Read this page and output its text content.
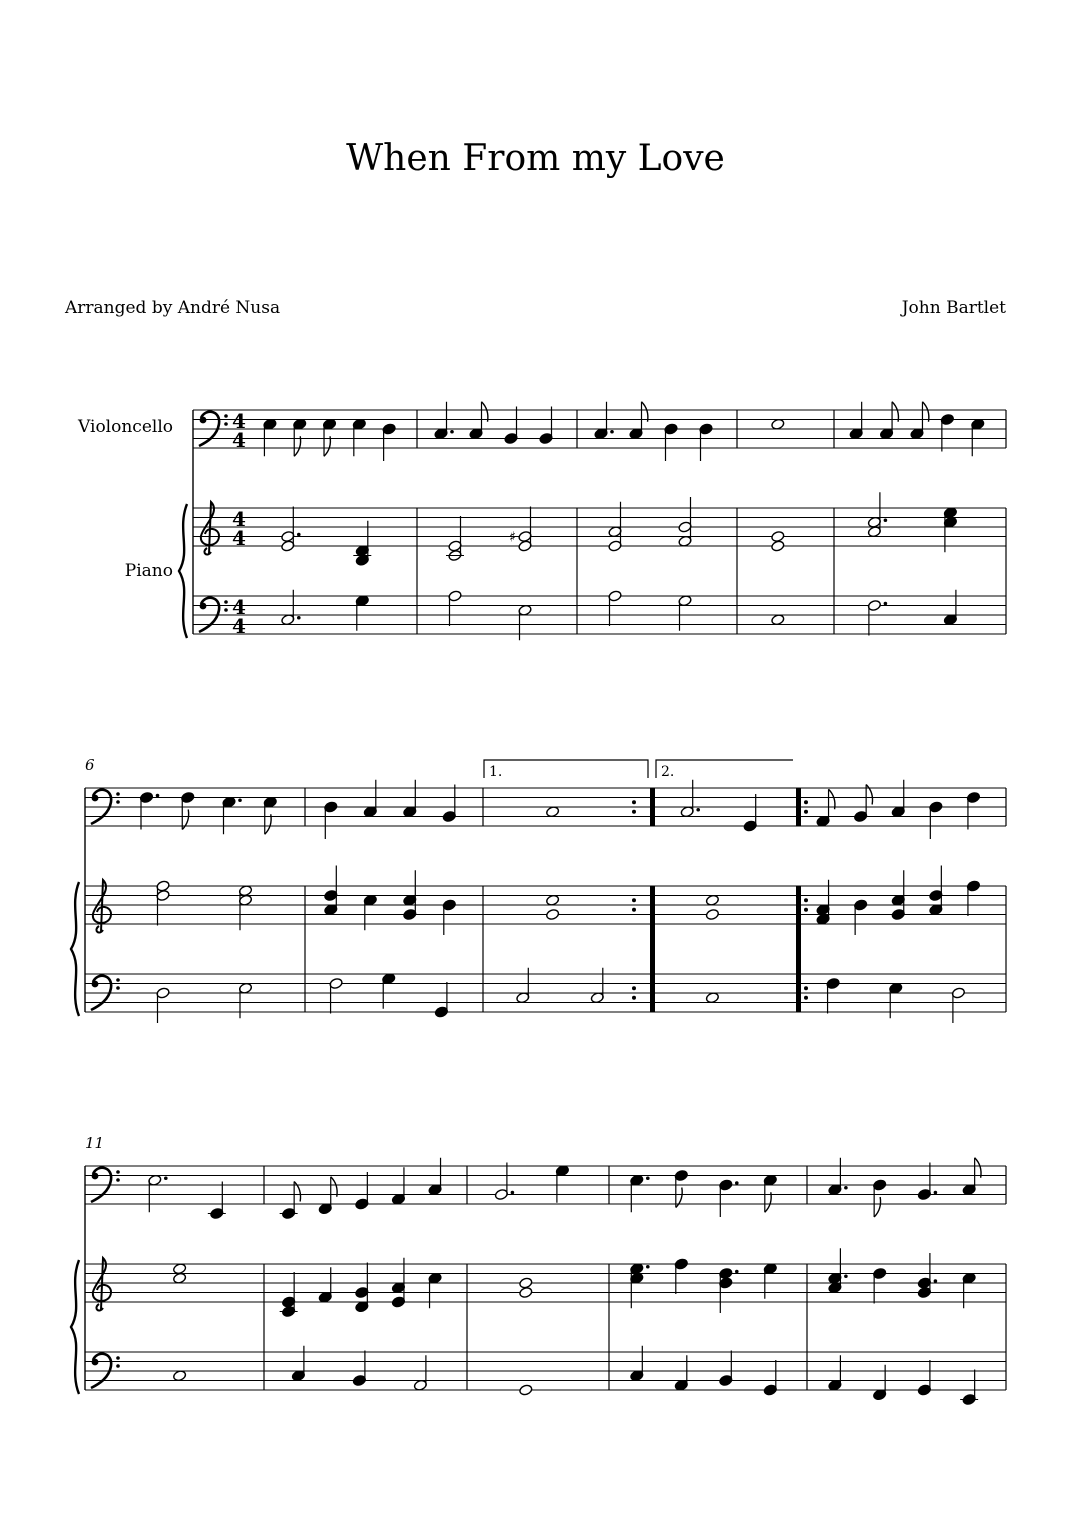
When From my Love
Arranged by André Nusa	John Bartlet
Violoncello
Piano
6
11
1.	2.
4
4
4
4
4
4
♯
